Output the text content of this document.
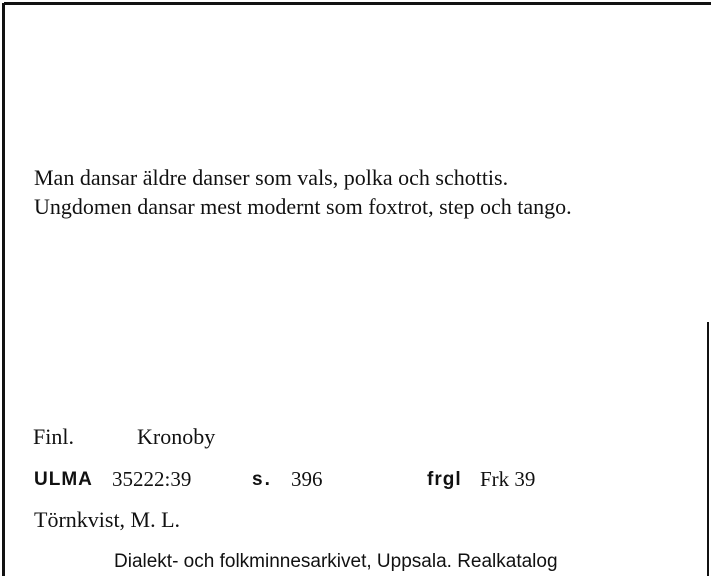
Man dansar äldre danser som vals, polka och schottis.
Ungdomen dansar mest modernt som foxtrot, step och tango.
Finl.	Kronoby
ULMA 35222:39	s. 396	frgl Frk 39
Törnkvist, M. L.
Dialekt- och folkminnesarkivet, Uppsala. Realkatalog
